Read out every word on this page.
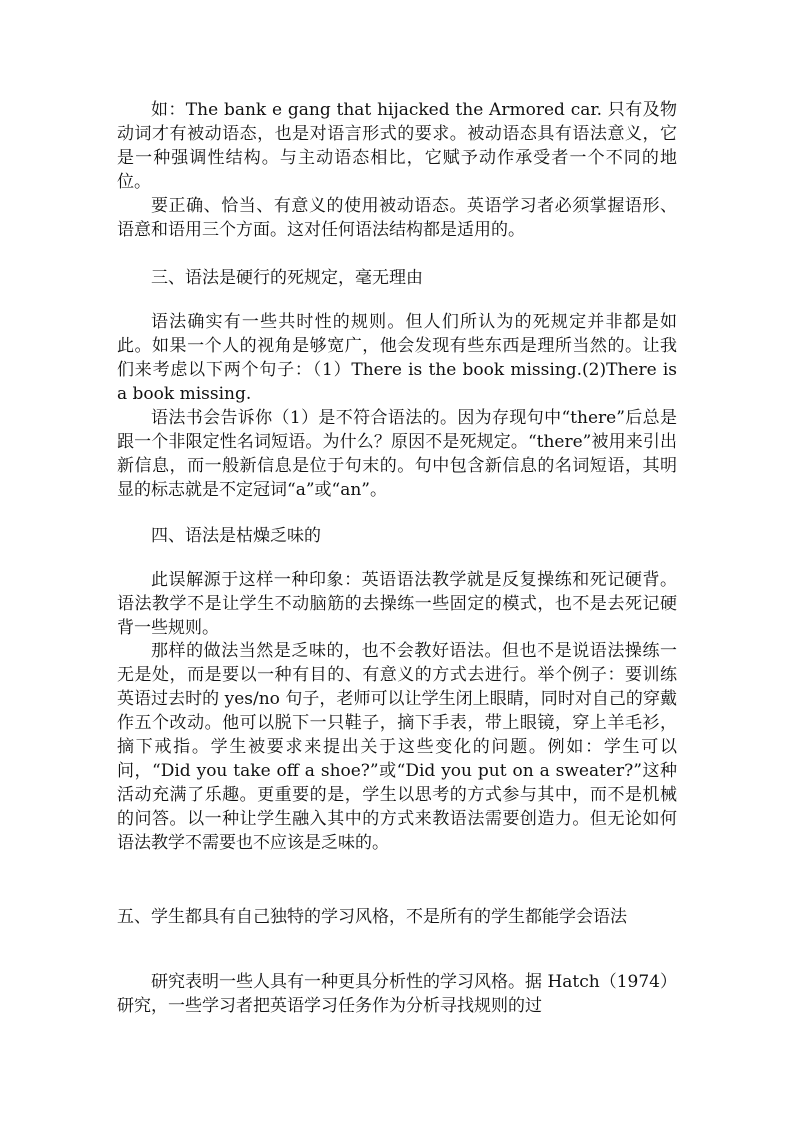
如：The bank e gang that hijacked the Armored car. 只有及物动词才有被动语态，也是对语言形式的要求。被动语态具有语法意义，它是一种强调性结构。与主动语态相比，它赋予动作承受者一个不同的地位。

要正确、恰当、有意义的使用被动语态。英语学习者必须掌握语形、语意和语用三个方面。这对任何语法结构都是适用的。

三、语法是硬行的死规定，毫无理由

语法确实有一些共时性的规则。但人们所认为的死规定并非都是如此。如果一个人的视角是够宽广，他会发现有些东西是理所当然的。让我们来考虑以下两个句子：（1）There is the book missing.(2)There is a book missing.

语法书会告诉你（1）是不符合语法的。因为存现句中“there”后总是跟一个非限定性名词短语。为什么？原因不是死规定。“there”被用来引出新信息，而一般新信息是位于句末的。句中包含新信息的名词短语，其明显的标志就是不定冠词“a”或“an”。

四、语法是枯燥乏味的

此误解源于这样一种印象：英语语法教学就是反复操练和死记硬背。语法教学不是让学生不动脑筋的去操练一些固定的模式，也不是去死记硬背一些规则。

那样的做法当然是乏味的，也不会教好语法。但也不是说语法操练一无是处，而是要以一种有目的、有意义的方式去进行。举个例子：要训练英语过去时的 yes/no 句子，老师可以让学生闭上眼睛，同时对自己的穿戴作五个改动。他可以脱下一只鞋子，摘下手表，带上眼镜，穿上羊毛衫，摘下戒指。学生被要求来提出关于这些变化的问题。例如：学生可以问，“Did you take off a shoe?”或“Did you put on a sweater?”这种活动充满了乐趣。更重要的是，学生以思考的方式参与其中，而不是机械的问答。以一种让学生融入其中的方式来教语法需要创造力。但无论如何语法教学不需要也不应该是乏味的。

五、学生都具有自己独特的学习风格，不是所有的学生都能学会语法

研究表明一些人具有一种更具分析性的学习风格。据 Hatch（1974）研究，一些学习者把英语学习任务作为分析寻找规则的过
